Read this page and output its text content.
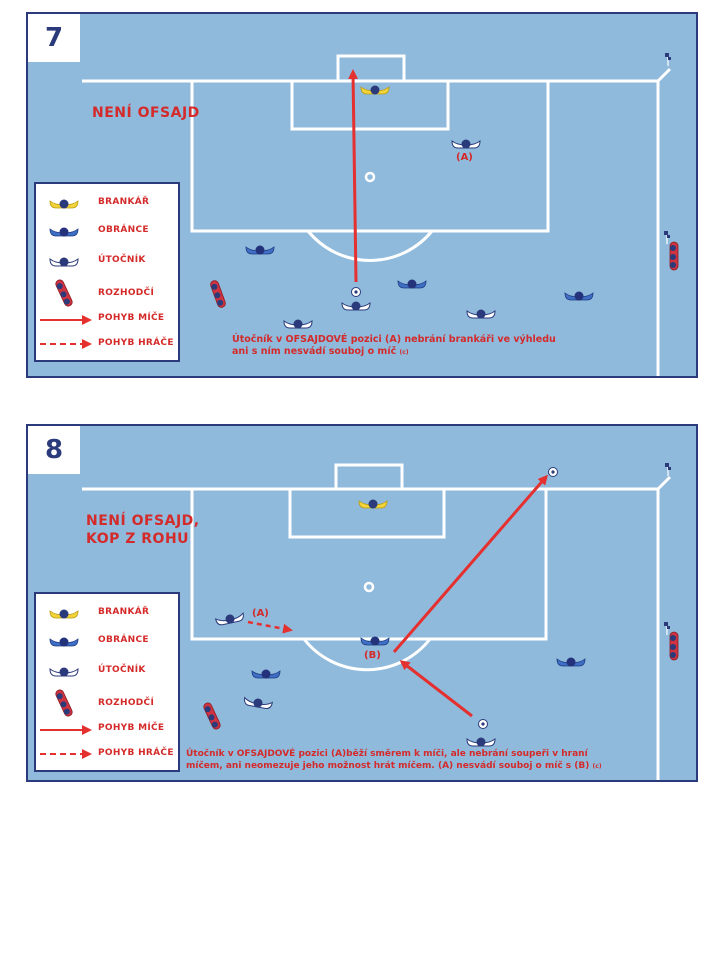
7
NENÍ OFSAJD
(A)
BRANKÁŘ
OBRÁNCE
ÚTOČNÍK
ROZHODČÍ
POHYB MÍČE
POHYB HRÁČE	Útočník v OFSAJDOVÉ pozici (A) nebrání brankáři ve výhledu
ani s ním nesvádí souboj o míč (c)
8
NENÍ OFSAJD,
KOP Z ROHU
(A)
(B)
BRANKÁŘ
OBRÁNCE
ÚTOČNÍK
ROZHODČÍ
POHYB MÍČE
POHYB HRÁČE Útočník v OFSAJDOVÉ pozici (A)běží směrem k míči, ale nebrání soupeři v hraní
míčem, ani neomezuje jeho možnost hrát míčem. (A) nesvádí souboj o míč s (B) (c)
